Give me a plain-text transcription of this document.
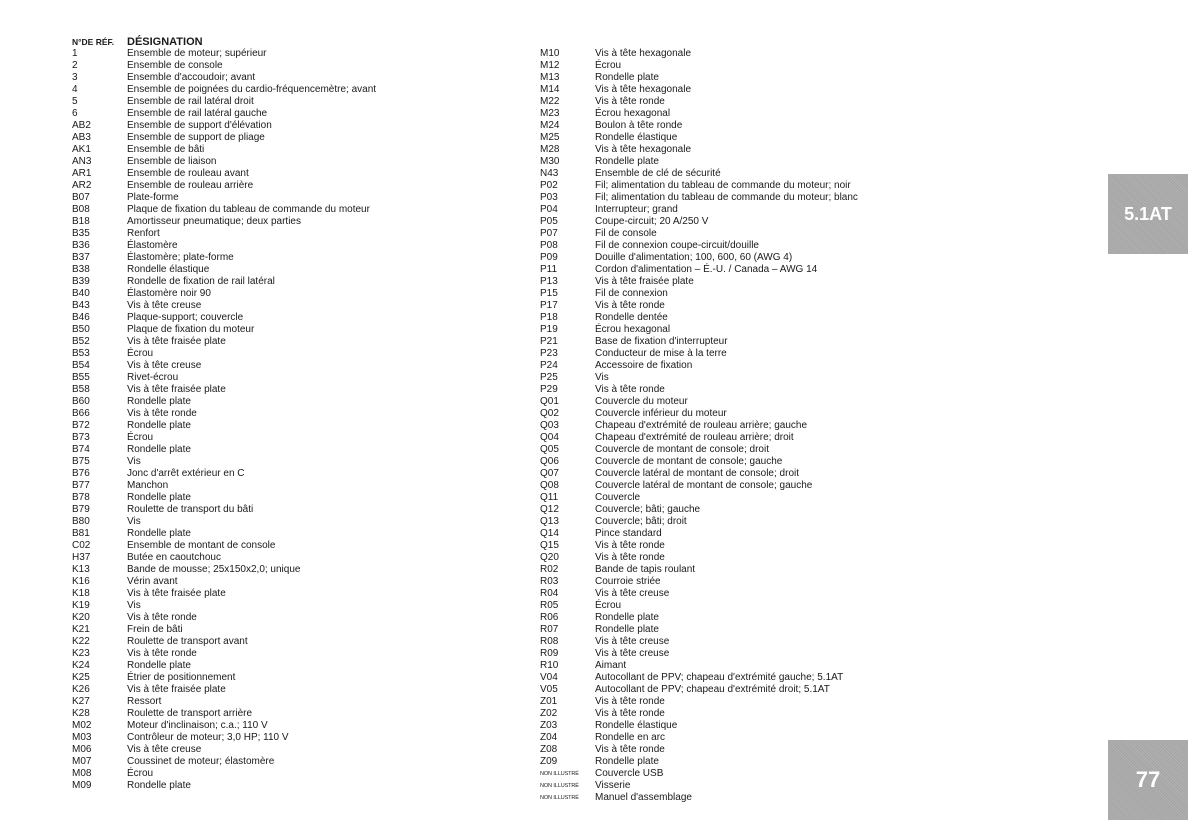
N°DE RÉF.	DÉSIGNATION
1	Ensemble de moteur; supérieur
2	Ensemble de console
3	Ensemble d'accoudoir; avant
4	Ensemble de poignées du cardio-fréquencemètre; avant
5	Ensemble de rail latéral droit
6	Ensemble de rail latéral gauche
AB2	Ensemble de support d'élévation
AB3	Ensemble de support de pliage
AK1	Ensemble de bâti
AN3	Ensemble de liaison
AR1	Ensemble de rouleau avant
AR2	Ensemble de rouleau arrière
B07	Plate-forme
B08	Plaque de fixation du tableau de commande du moteur
B18	Amortisseur pneumatique; deux parties
B35	Renfort
B36	Élastomère
B37	Élastomère; plate-forme
B38	Rondelle élastique
B39	Rondelle de fixation de rail latéral
B40	Élastomère noir 90
B43	Vis à tête creuse
B46	Plaque-support; couvercle
B50	Plaque de fixation du moteur
B52	Vis à tête fraisée plate
B53	Écrou
B54	Vis à tête creuse
B55	Rivet-écrou
B58	Vis à tête fraisée plate
B60	Rondelle plate
B66	Vis à tête ronde
B72	Rondelle plate
B73	Écrou
B74	Rondelle plate
B75	Vis
B76	Jonc d'arrêt extérieur en C
B77	Manchon
B78	Rondelle plate
B79	Roulette de transport du bâti
B80	Vis
B81	Rondelle plate
C02	Ensemble de montant de console
H37	Butée en caoutchouc
K13	Bande de mousse; 25x150x2,0; unique
K16	Vérin avant
K18	Vis à tête fraisée plate
K19	Vis
K20	Vis à tête ronde
K21	Frein de bâti
K22	Roulette de transport avant
K23	Vis à tête ronde
K24	Rondelle plate
K25	Étrier de positionnement
K26	Vis à tête fraisée plate
K27	Ressort
K28	Roulette de transport arrière
M02	Moteur d'inclinaison; c.a.; 110 V
M03	Contrôleur de moteur; 3,0 HP; 110 V
M06	Vis à tête creuse
M07	Coussinet de moteur; élastomère
M08	Écrou
M09	Rondelle plate
M10	Vis à tête hexagonale
M12	Écrou
M13	Rondelle plate
M14	Vis à tête hexagonale
M22	Vis à tête ronde
M23	Écrou hexagonal
M24	Boulon à tête ronde
M25	Rondelle élastique
M28	Vis à tête hexagonale
M30	Rondelle plate
N43	Ensemble de clé de sécurité
P02	Fil; alimentation du tableau de commande du moteur; noir
P03	Fil; alimentation du tableau de commande du moteur; blanc
P04	Interrupteur; grand
P05	Coupe-circuit; 20 A/250 V
P07	Fil de console
P08	Fil de connexion coupe-circuit/douille
P09	Douille d'alimentation; 100, 600, 60 (AWG 4)
P11	Cordon d'alimentation – É.-U. / Canada – AWG 14
P13	Vis à tête fraisée plate
P15	Fil de connexion
P17	Vis à tête ronde
P18	Rondelle dentée
P19	Écrou hexagonal
P21	Base de fixation d'interrupteur
P23	Conducteur de mise à la terre
P24	Accessoire de fixation
P25	Vis
P29	Vis à tête ronde
Q01	Couvercle du moteur
Q02	Couvercle inférieur du moteur
Q03	Chapeau d'extrémité de rouleau arrière; gauche
Q04	Chapeau d'extrémité de rouleau arrière; droit
Q05	Couvercle de montant de console; droit
Q06	Couvercle de montant de console; gauche
Q07	Couvercle latéral de montant de console; droit
Q08	Couvercle latéral de montant de console; gauche
Q11	Couvercle
Q12	Couvercle; bâti; gauche
Q13	Couvercle; bâti; droit
Q14	Pince standard
Q15	Vis à tête ronde
Q20	Vis à tête ronde
R02	Bande de tapis roulant
R03	Courroie striée
R04	Vis à tête creuse
R05	Écrou
R06	Rondelle plate
R07	Rondelle plate
R08	Vis à tête creuse
R09	Vis à tête creuse
R10	Aimant
V04	Autocollant de PPV; chapeau d'extrémité gauche; 5.1AT
V05	Autocollant de PPV; chapeau d'extrémité droit; 5.1AT
Z01	Vis à tête ronde
Z02	Vis à tête ronde
Z03	Rondelle élastique
Z04	Rondelle en arc
Z08	Vis à tête ronde
Z09	Rondelle plate
NON ILLUSTRÉ	Couvercle USB
NON ILLUSTRÉ	Visserie
NON ILLUSTRÉ	Manuel d'assemblage
5.1AT
77
